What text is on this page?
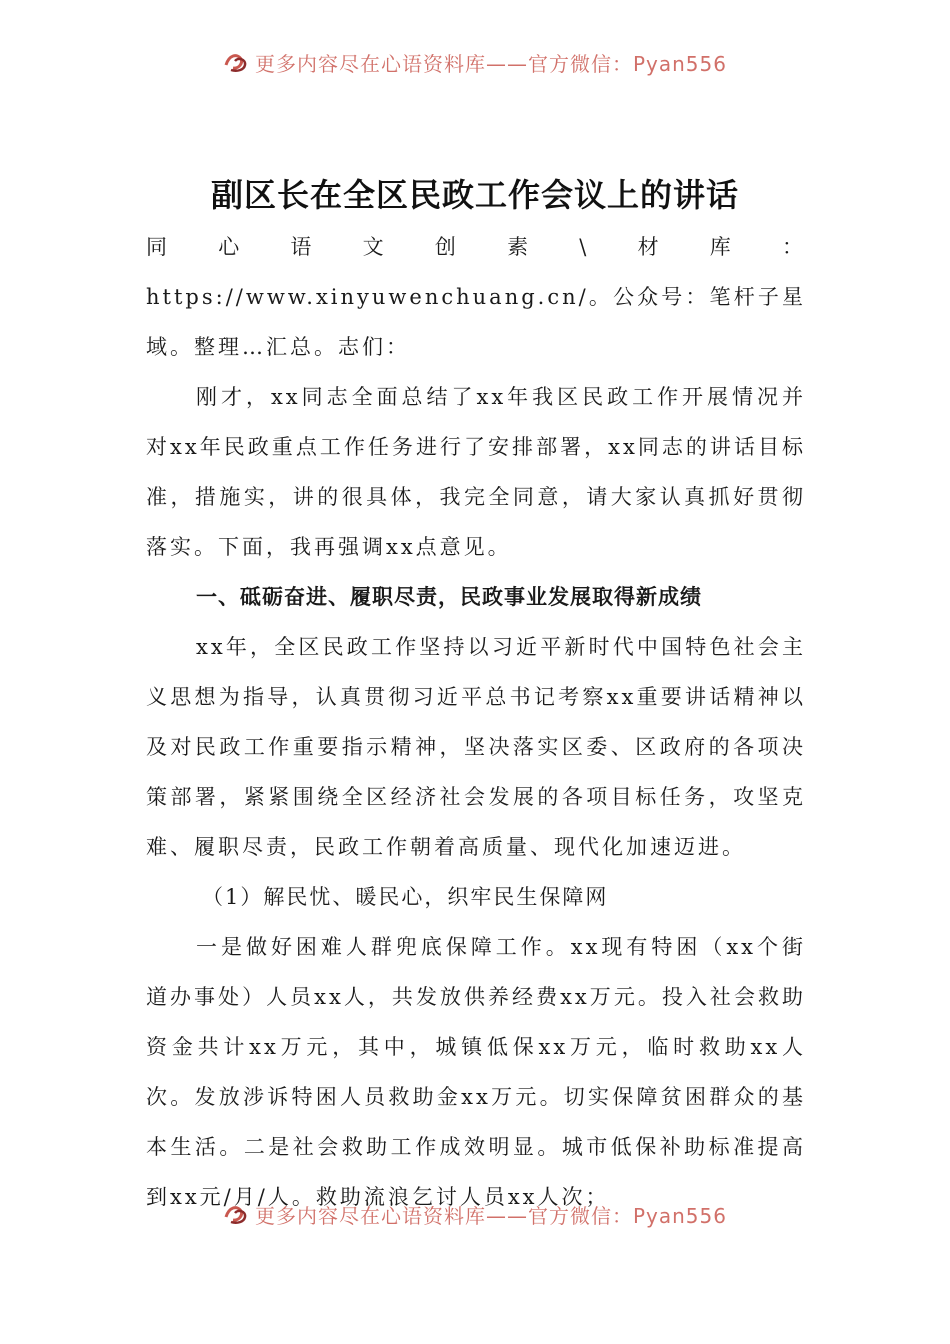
更多内容尽在心语资料库——官方微信：Pyan556
副区长在全区民政工作会议上的讲话

同心语文创素\材库：https://www.xinyuwenchuang.cn/。公众号：笔杆子星域。整理…汇总。志们：

刚才，xx同志全面总结了xx年我区民政工作开展情况并对xx年民政重点工作任务进行了安排部署，xx同志的讲话目标准，措施实，讲的很具体，我完全同意，请大家认真抓好贯彻落实。下面，我再强调xx点意见。

一、砥砺奋进、履职尽责，民政事业发展取得新成绩

xx年，全区民政工作坚持以习近平新时代中国特色社会主义思想为指导，认真贯彻习近平总书记考察xx重要讲话精神以及对民政工作重要指示精神，坚决落实区委、区政府的各项决策部署，紧紧围绕全区经济社会发展的各项目标任务，攻坚克难、履职尽责，民政工作朝着高质量、现代化加速迈进。

（1）解民忧、暖民心，织牢民生保障网

一是做好困难人群兜底保障工作。xx现有特困（xx个街道办事处）人员xx人，共发放供养经费xx万元。投入社会救助资金共计xx万元，其中，城镇低保xx万元，临时救助xx人次。发放涉诉特困人员救助金xx万元。切实保障贫困群众的基本生活。二是社会救助工作成效明显。城市低保补助标准提高到xx元/月/人。救助流浪乞讨人员xx人次；

更多内容尽在心语资料库——官方微信：Pyan556
